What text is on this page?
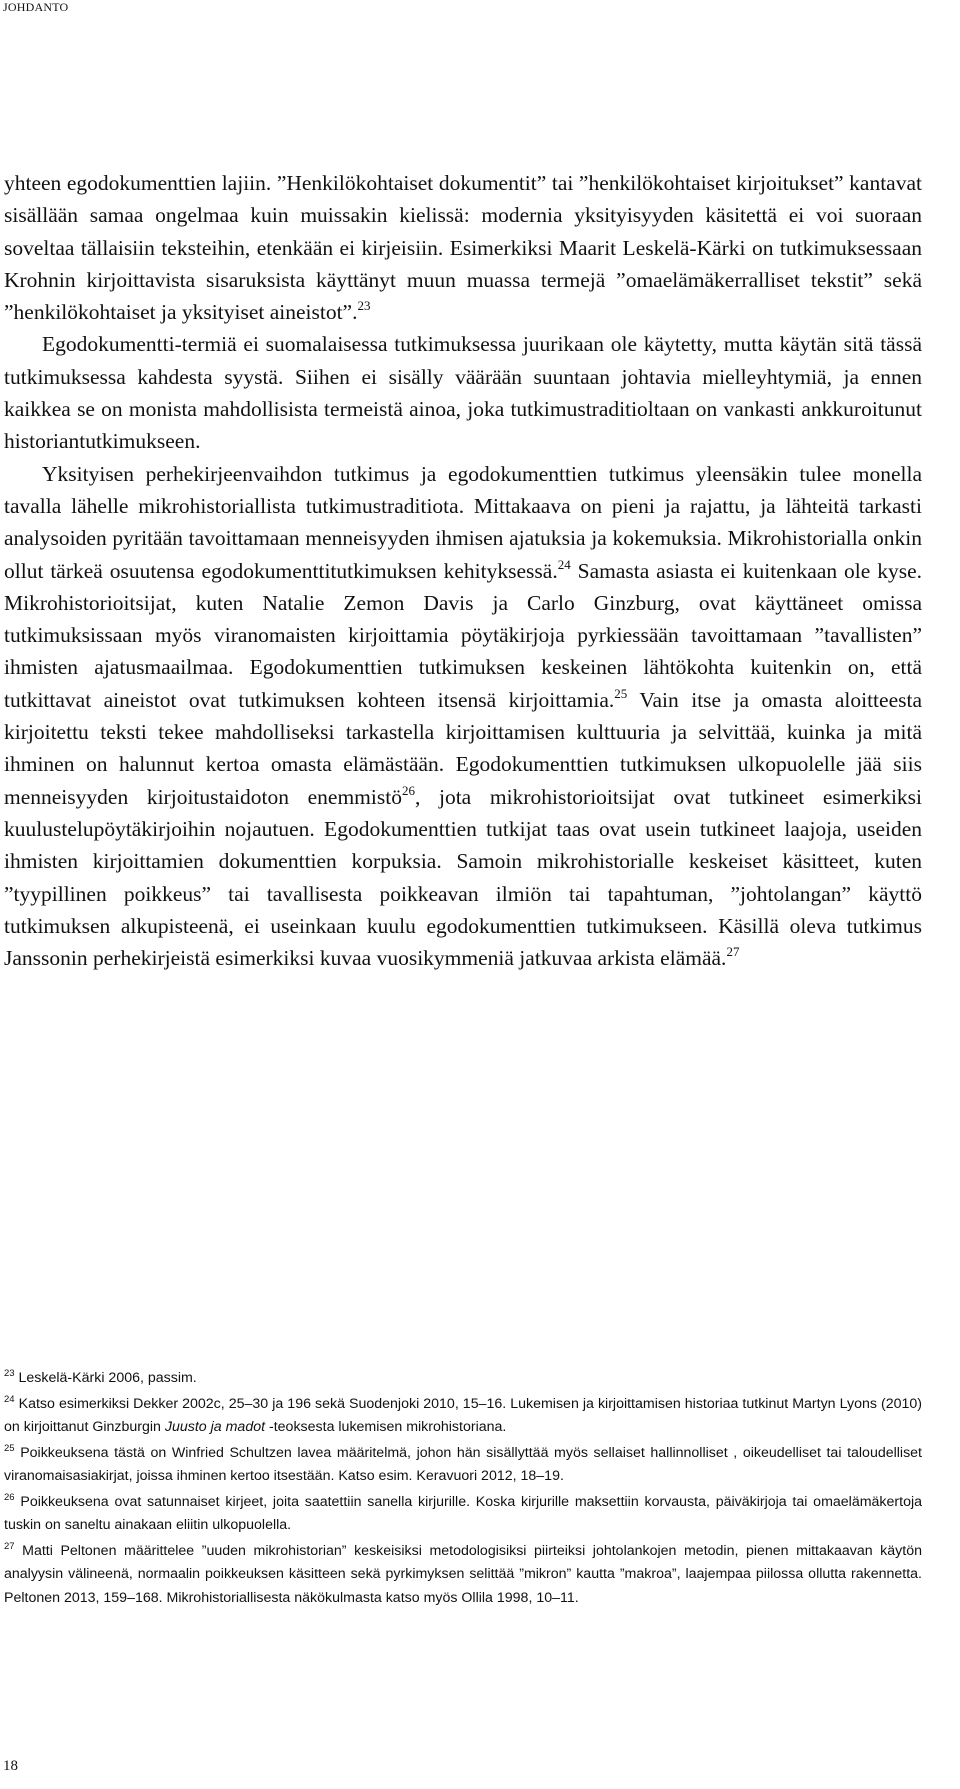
JOHDANTO

yhteen egodokumenttien lajiin. ”Henkilökohtaiset dokumentit” tai ”henkilökohtaiset kirjoitukset” kantavat sisällään samaa ongelmaa kuin muissakin kielissä: modernia yksityisyyden käsitettä ei voi suoraan soveltaa tällaisiin teksteihin, etenkään ei kirjeisiin. Esimerkiksi Maarit Leskelä-Kärki on tutkimuksessaan Krohnin kirjoittavista sisaruksista käyttänyt muun muassa termejä ”omaelämäkerralliset tekstit” sekä ”henkilökohtaiset ja yksityiset aineistot”.$^{23}$

Egodokumentti-termiä ei suomalaisessa tutkimuksessa juurikaan ole käytetty, mutta käytän sitä tässä tutkimuksessa kahdesta syystä. Siihen ei sisälly väärään suuntaan johtavia mielleyhtymiä, ja ennen kaikkea se on monista mahdollisista termeistä ainoa, joka tutkimustraditioltaan on vankasti ankkuroitunut historiantutkimukseen.

Yksityisen perhekirjeenvaihdon tutkimus ja egodokumenttien tutkimus yleensäkin tulee monella tavalla lähelle mikrohistoriallista tutkimustraditiota. Mittakaava on pieni ja rajattu, ja lähteitä tarkasti analysoiden pyritään tavoittamaan menneisyyden ihmisen ajatuksia ja kokemuksia. Mikrohistorialla onkin ollut tärkeä osuutensa egodokumenttitutkimuksen kehityksessä.$^{24}$ Samasta asiasta ei kuitenkaan ole kyse. Mikrohistorioitsijat, kuten Natalie Zemon Davis ja Carlo Ginzburg, ovat käyttäneet omissa tutkimuksissaan myös viranomaisten kirjoittamia pöytäkirjoja pyrkiessään tavoittamaan ”tavallisten” ihmisten ajatusmaailmaa. Egodokumenttien tutkimuksen keskeinen lähtökohta kuitenkin on, että tutkittavat aineistot ovat tutkimuksen kohteen itsensä kirjoittamia.$^{25}$ Vain itse ja omasta aloitteesta kirjoitettu teksti tekee mahdolliseksi tarkastella kirjoittamisen kulttuuria ja selvittää, kuinka ja mitä ihminen on halunnut kertoa omasta elämästään. Egodokumenttien tutkimuksen ulkopuolelle jää siis menneisyyden kirjoitustaidoton enemmistö$^{26}$, jota mikrohistorioitsijat ovat tutkineet esimerkiksi kuulustelupöytäkirjoihin nojautuen. Egodokumenttien tutkijat taas ovat usein tutkineet laajoja, useiden ihmisten kirjoittamien dokumenttien korpuksia. Samoin mikrohistorialle keskeiset käsitteet, kuten ”tyypillinen poikkeus” tai tavallisesta poikkeavan ilmiön tai tapahtuman, ”johtolangan” käyttö tutkimuksen alkupisteenä, ei useinkaan kuulu egodokumenttien tutkimukseen. Käsillä oleva tutkimus Janssonin perhekirjeistä esimerkiksi kuvaa vuosikymmeniä jatkuvaa arkista elämää.$^{27}$

$^{23}$ Leskelä-Kärki 2006, passim.

$^{24}$ Katso esimerkiksi Dekker 2002c, 25–30 ja 196 sekä Suodenjoki 2010, 15–16. Lukemisen ja kirjoittamisen historiaa tutkinut Martyn Lyons (2010) on kirjoittanut Ginzburgin Juusto ja madot -teoksesta lukemisen mikrohistoriana.

$^{25}$ Poikkeuksena tästä on Winfried Schultzen lavea määritelmä, johon hän sisällyttää myös sellaiset hallinnolliset , oikeudelliset tai taloudelliset viranomaisasiakirjat, joissa ihminen kertoo itsestään. Katso esim. Keravuori 2012, 18–19.

$^{26}$ Poikkeuksena ovat satunnaiset kirjeet, joita saatettiin sanella kirjurille. Koska kirjurille maksettiin korvausta, päiväkirjoja tai omaelämäkertoja tuskin on saneltu ainakaan eliitin ulkopuolella.

$^{27}$ Matti Peltonen määrittelee ”uuden mikrohistorian” keskeisiksi metodologisiksi piirteiksi johtolankojen metodin, pienen mittakaavan käytön analyysin välineenä, normaalin poikkeuksen käsitteen sekä pyrkimyksen selittää ”mikron” kautta ”makroa”, laajempaa piilossa ollutta rakennetta. Peltonen 2013, 159–168. Mikrohistoriallisesta näkökulmasta katso myös Ollila 1998, 10–11.

18
